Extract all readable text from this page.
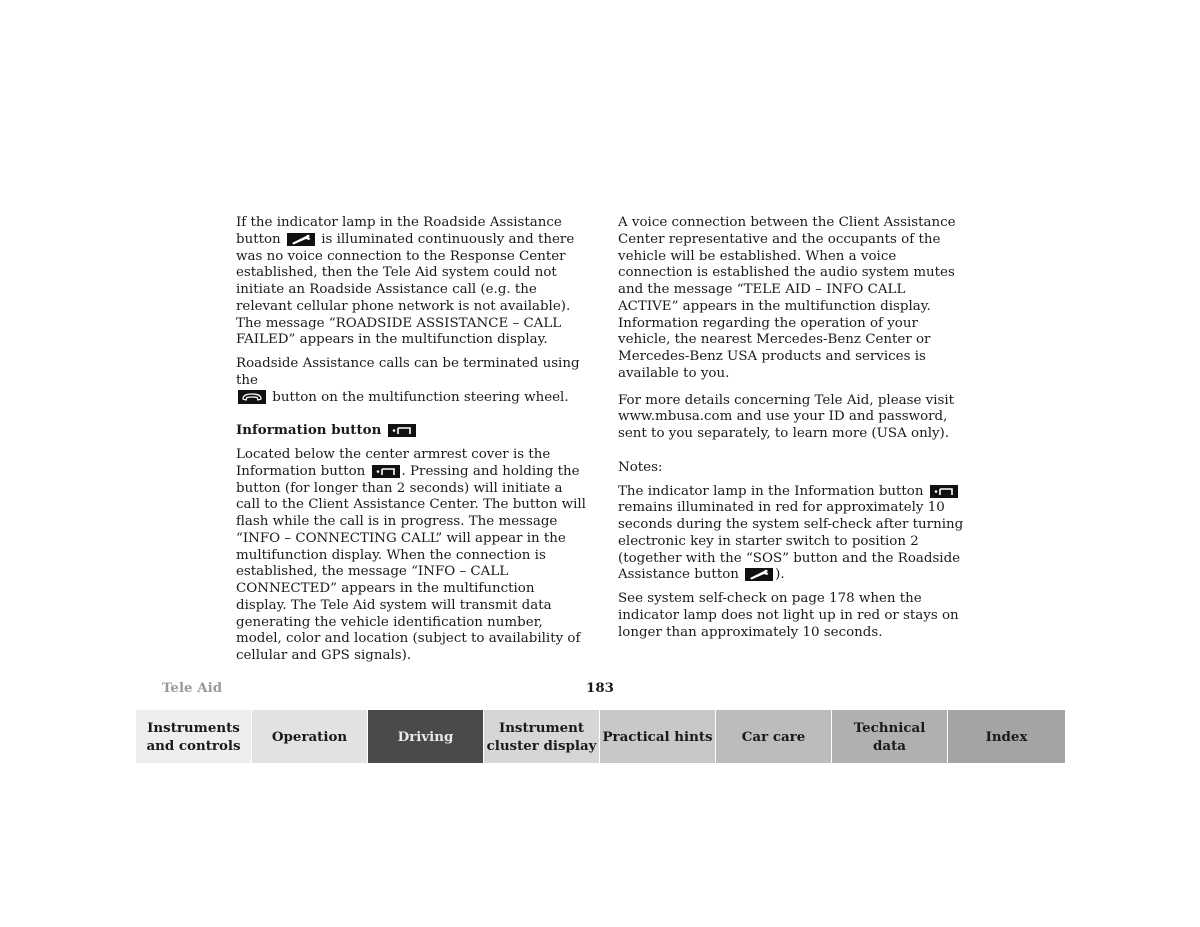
If the indicator lamp in the Roadside Assistance button	is illuminated continuously and there was no voice connection to the Response Center established, then the Tele Aid system could not initiate an Roadside Assistance call (e.g. the relevant cellular phone network is not available). The message “ROADSIDE ASSISTANCE – CALL FAILED” appears in the multifunction display.

Roadside Assistance calls can be terminated using the

button on the multifunction steering wheel.

Information button

Located below the center armrest cover is the Information button	. Pressing and holding the button (for longer than 2 seconds) will initiate a call to the Client Assistance Center. The button will flash while the call is in progress. The message “INFO – CONNECTING CALL” will appear in the multifunction display. When the connection is established, the message “INFO – CALL CONNECTED” appears in the multifunction display. The Tele Aid system will transmit data generating the vehicle identification number, model, color and location (subject to availability of cellular and GPS signals).

A voice connection between the Client Assistance Center representative and the occupants of the vehicle will be established. When a voice connection is established the audio system mutes and the message “TELE AID – INFO CALL ACTIVE” appears in the multifunction display. Information regarding the operation of your vehicle, the nearest Mercedes-Benz Center or Mercedes-Benz USA products and services is available to you.

For more details concerning Tele Aid, please visit www.mbusa.com and use your ID and password, sent to you separately, to learn more (USA only).

Notes:

The indicator lamp in the Information button
remains illuminated in red for approximately 10 seconds during the system self-check after turning electronic key in starter switch to position 2 (together with the “SOS” button and the Roadside Assistance button	).

See system self-check on page 178 when the indicator lamp does not light up in red or stays on longer than approximately 10 seconds.

Tele Aid	183
Instruments
and controls
Operation	Driving
Instrument
cluster display
Practical hints	Car care
Technical
data
Index
